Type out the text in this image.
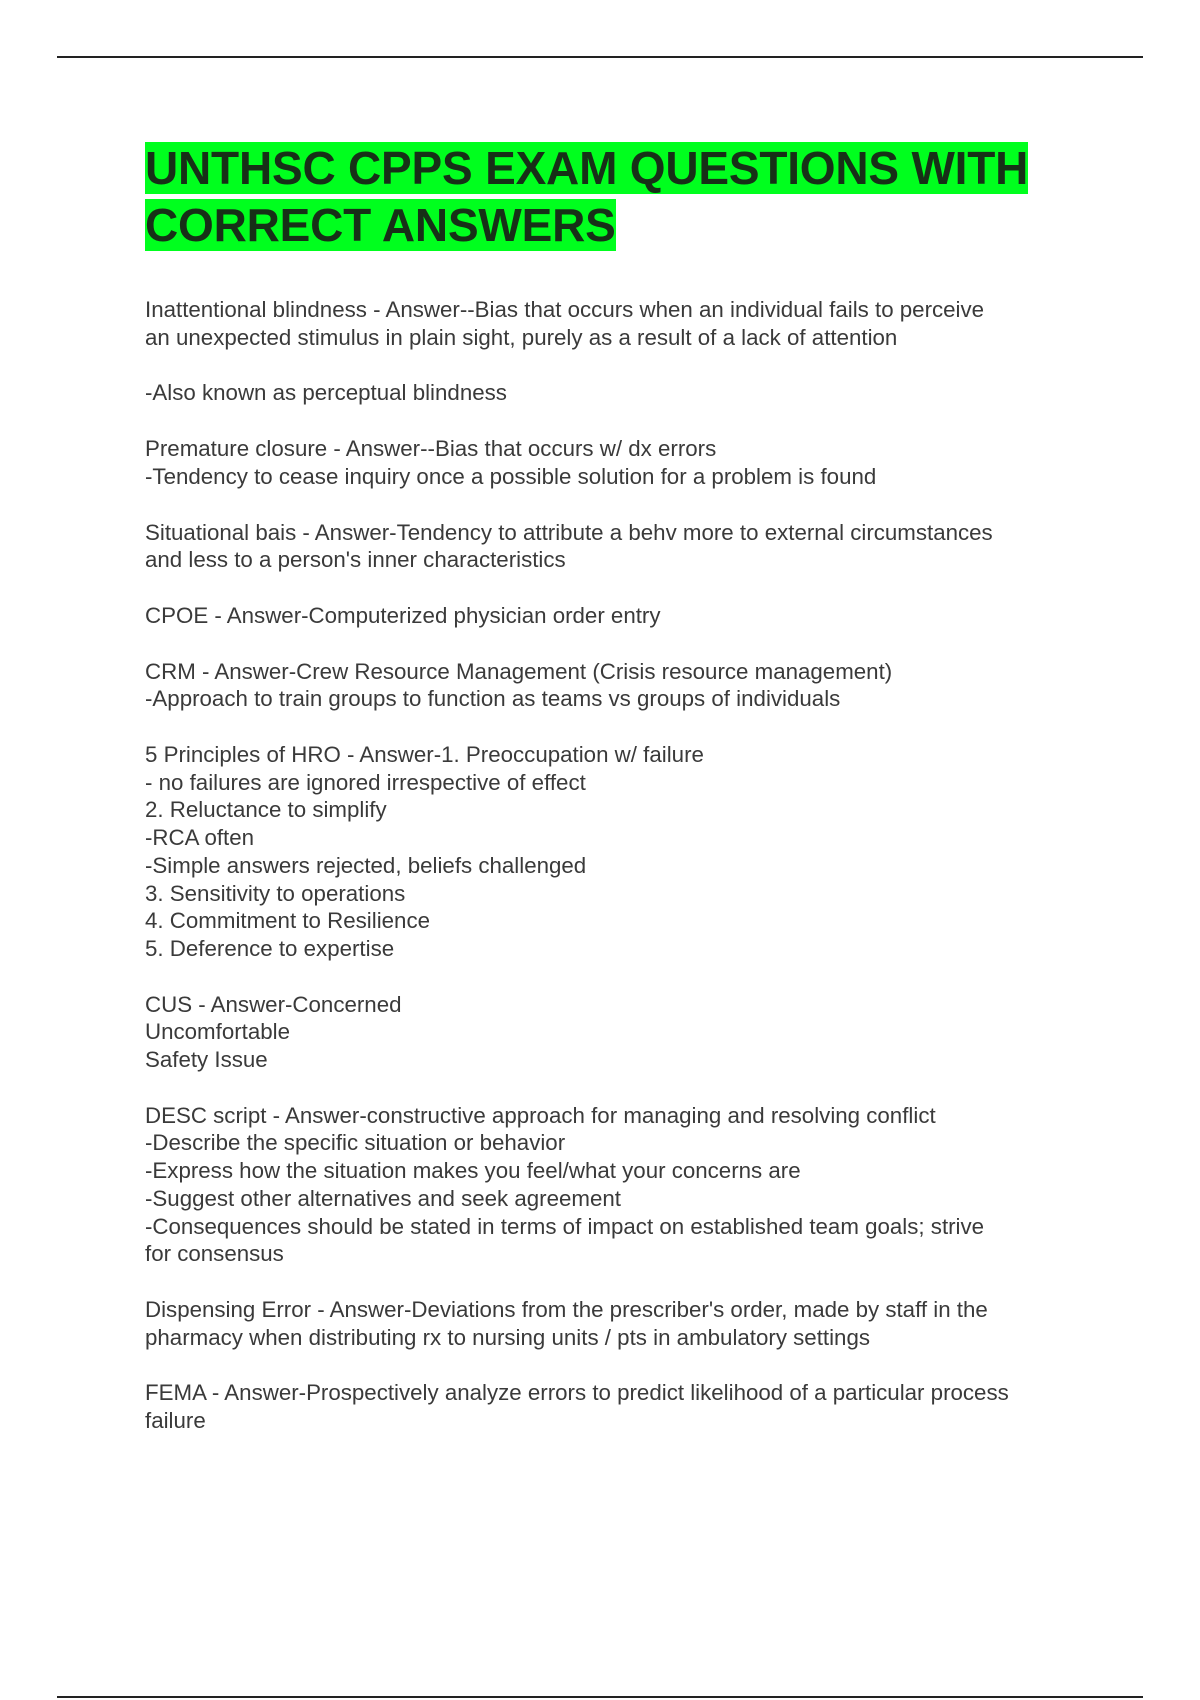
UNTHSC CPPS EXAM QUESTIONS WITH
CORRECT ANSWERS

Inattentional blindness - Answer--Bias that occurs when an individual fails to perceive
an unexpected stimulus in plain sight, purely as a result of a lack of attention

-Also known as perceptual blindness

Premature closure - Answer--Bias that occurs w/ dx errors
-Tendency to cease inquiry once a possible solution for a problem is found

Situational bais - Answer-Tendency to attribute a behv more to external circumstances
and less to a person's inner characteristics

CPOE - Answer-Computerized physician order entry

CRM - Answer-Crew Resource Management (Crisis resource management)
-Approach to train groups to function as teams vs groups of individuals

5 Principles of HRO - Answer-1. Preoccupation w/ failure
- no failures are ignored irrespective of effect
2. Reluctance to simplify
-RCA often
-Simple answers rejected, beliefs challenged
3. Sensitivity to operations
4. Commitment to Resilience
5. Deference to expertise

CUS - Answer-Concerned
Uncomfortable
Safety Issue

DESC script - Answer-constructive approach for managing and resolving conflict
-Describe the specific situation or behavior
-Express how the situation makes you feel/what your concerns are
-Suggest other alternatives and seek agreement
-Consequences should be stated in terms of impact on established team goals; strive
for consensus

Dispensing Error - Answer-Deviations from the prescriber's order, made by staff in the
pharmacy when distributing rx to nursing units / pts in ambulatory settings

FEMA - Answer-Prospectively analyze errors to predict likelihood of a particular process
failure
